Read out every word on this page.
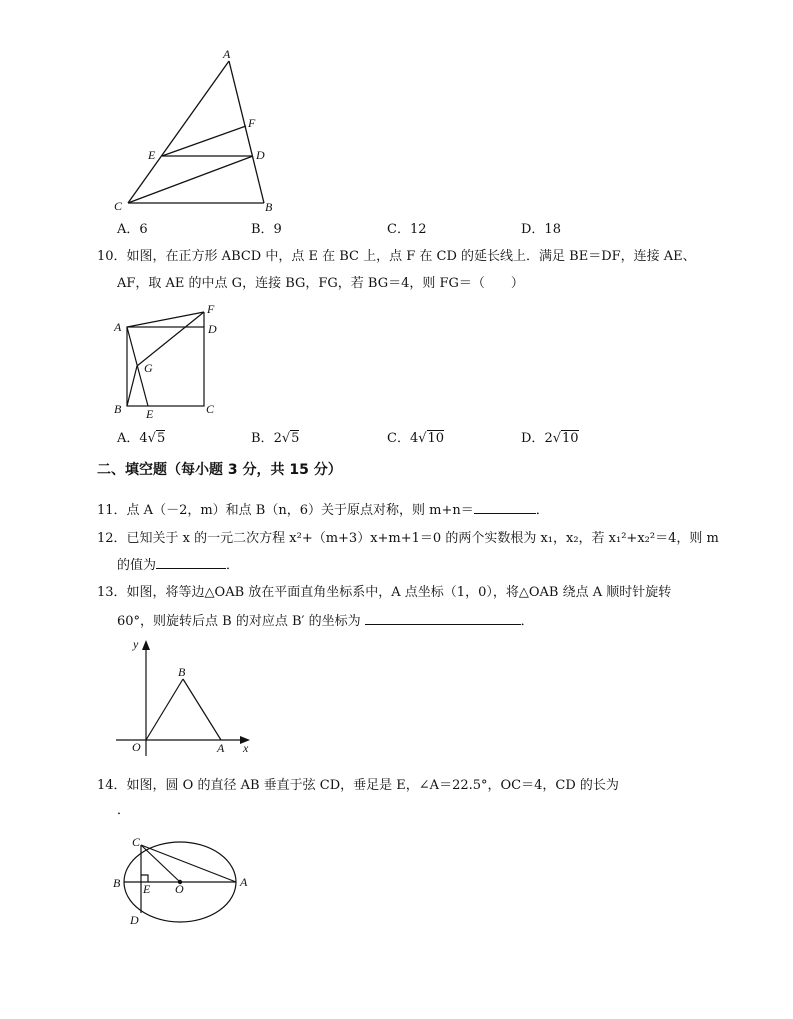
A
F
E	D
C	B
A．6	B．9	C．12	D．18
10．如图，在正方形 ABCD 中，点 E 在 BC 上，点 F 在 CD 的延长线上．满足 BE＝DF，连接 AE、
AF，取 AE 的中点 G，连接 BG，FG，若 BG＝4，则 FG＝（　　）
A
F
D
G
B E	C
A．4√5	B．2√5	C．4√10	D．2√10
二、填空题（每小题 3 分，共 15 分）
11．点 A（－2，m）和点 B（n，6）关于原点对称，则 m+n＝	．
12．已知关于 x 的一元二次方程 x²+（m+3）x+m+1＝0 的两个实数根为 x₁，x₂，若 x₁²+x₂²＝4，则 m
的值为	．
13．如图，将等边△OAB 放在平面直角坐标系中，A 点坐标（1，0），将△OAB 绕点 A 顺时针旋转
60°，则旋转后点 B 的对应点 B′ 的坐标为	．
y
B
O	A x
14．如图，圆 O 的直径 AB 垂直于弦 CD，垂足是 E，∠A＝22.5°，OC＝4，CD 的长为
．
C
B E O	A
D
